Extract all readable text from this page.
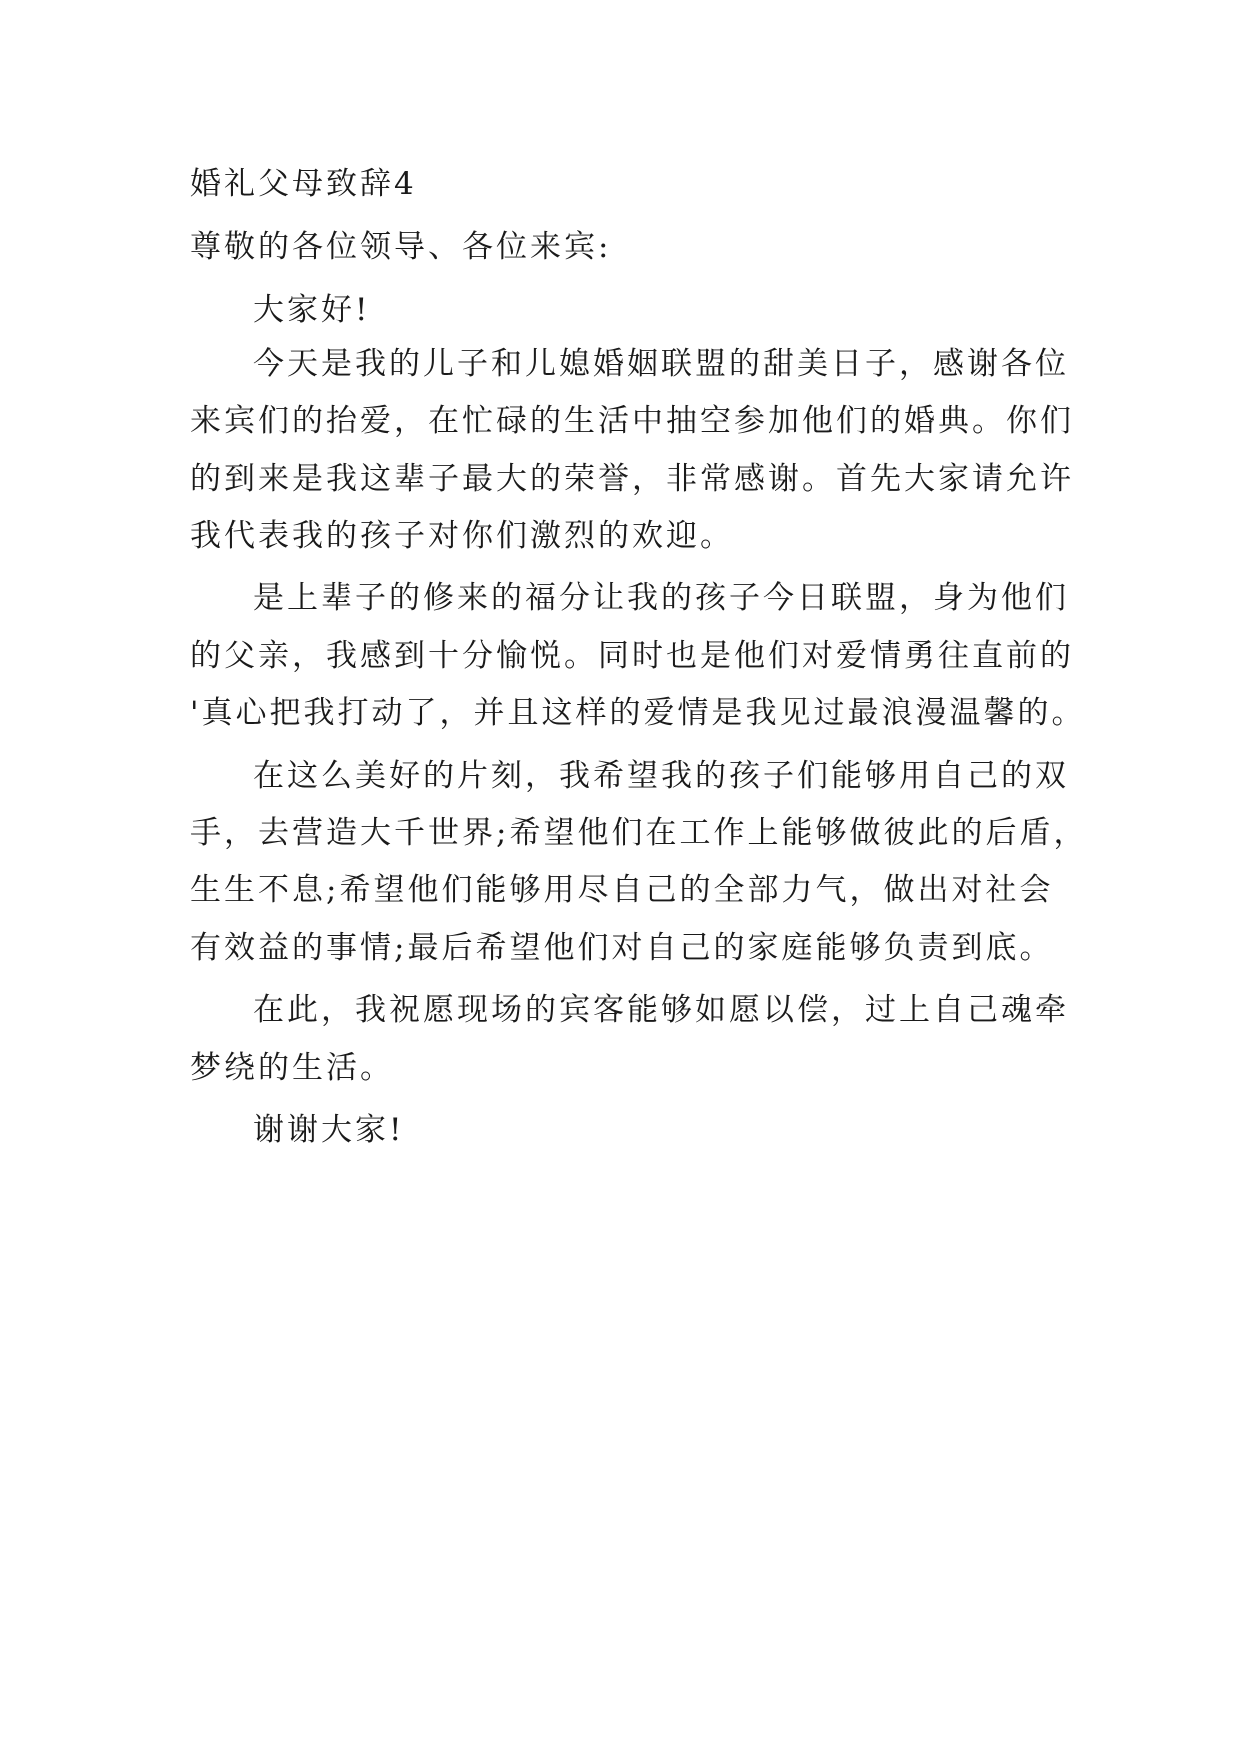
婚礼父母致辞4

尊敬的各位领导、各位来宾:

大家好!

今天是我的儿子和儿媳婚姻联盟的甜美日子，感谢各位

来宾们的抬爱，在忙碌的生活中抽空参加他们的婚典。你们

的到来是我这辈子最大的荣誉，非常感谢。首先大家请允许

我代表我的孩子对你们激烈的欢迎。

是上辈子的修来的福分让我的孩子今日联盟，身为他们

的父亲，我感到十分愉悦。同时也是他们对爱情勇往直前的

'真心把我打动了，并且这样的爱情是我见过最浪漫温馨的。

在这么美好的片刻，我希望我的孩子们能够用自己的双

手，去营造大千世界;希望他们在工作上能够做彼此的后盾，

生生不息;希望他们能够用尽自己的全部力气，做出对社会

有效益的事情;最后希望他们对自己的家庭能够负责到底。

在此，我祝愿现场的宾客能够如愿以偿，过上自己魂牵

梦绕的生活。

谢谢大家!
